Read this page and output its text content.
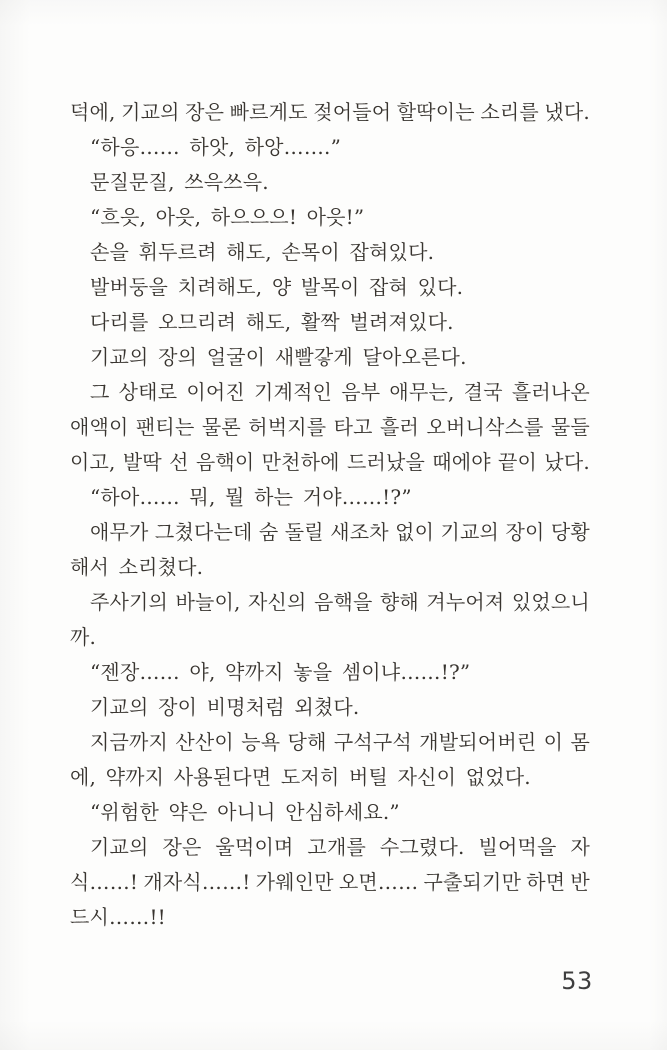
덕에, 기교의 장은 빠르게도 젖어들어 할딱이는 소리를 냈다.
“하응…… 하앗, 하앙…….”
문질문질, 쓰윽쓰윽.
“흐읏, 아읏, 하으으으! 아읏!”
손을 휘두르려 해도, 손목이 잡혀있다.
발버둥을 치려해도, 양 발목이 잡혀 있다.
다리를 오므리려 해도, 활짝 벌려져있다.
기교의 장의 얼굴이 새빨갛게 달아오른다.
그 상태로 이어진 기계적인 음부 애무는, 결국 흘러나온
애액이 팬티는 물론 허벅지를 타고 흘러 오버니삭스를 물들
이고, 발딱 선 음핵이 만천하에 드러났을 때에야 끝이 났다.
“하아…… 뭐, 뭘 하는 거야……!?”
애무가 그쳤다는데 숨 돌릴 새조차 없이 기교의 장이 당황
해서 소리쳤다.
주사기의 바늘이, 자신의 음핵을 향해 겨누어져 있었으니
까.
“젠장…… 야, 약까지 놓을 셈이냐……!?”
기교의 장이 비명처럼 외쳤다.
지금까지 산산이 능욕 당해 구석구석 개발되어버린 이 몸
에, 약까지 사용된다면 도저히 버틸 자신이 없었다.
“위험한 약은 아니니 안심하세요.”
기교의 장은 울먹이며 고개를 수그렸다. 빌어먹을 자
식……! 개자식……! 가웨인만 오면…… 구출되기만 하면 반
드시……!!
53
